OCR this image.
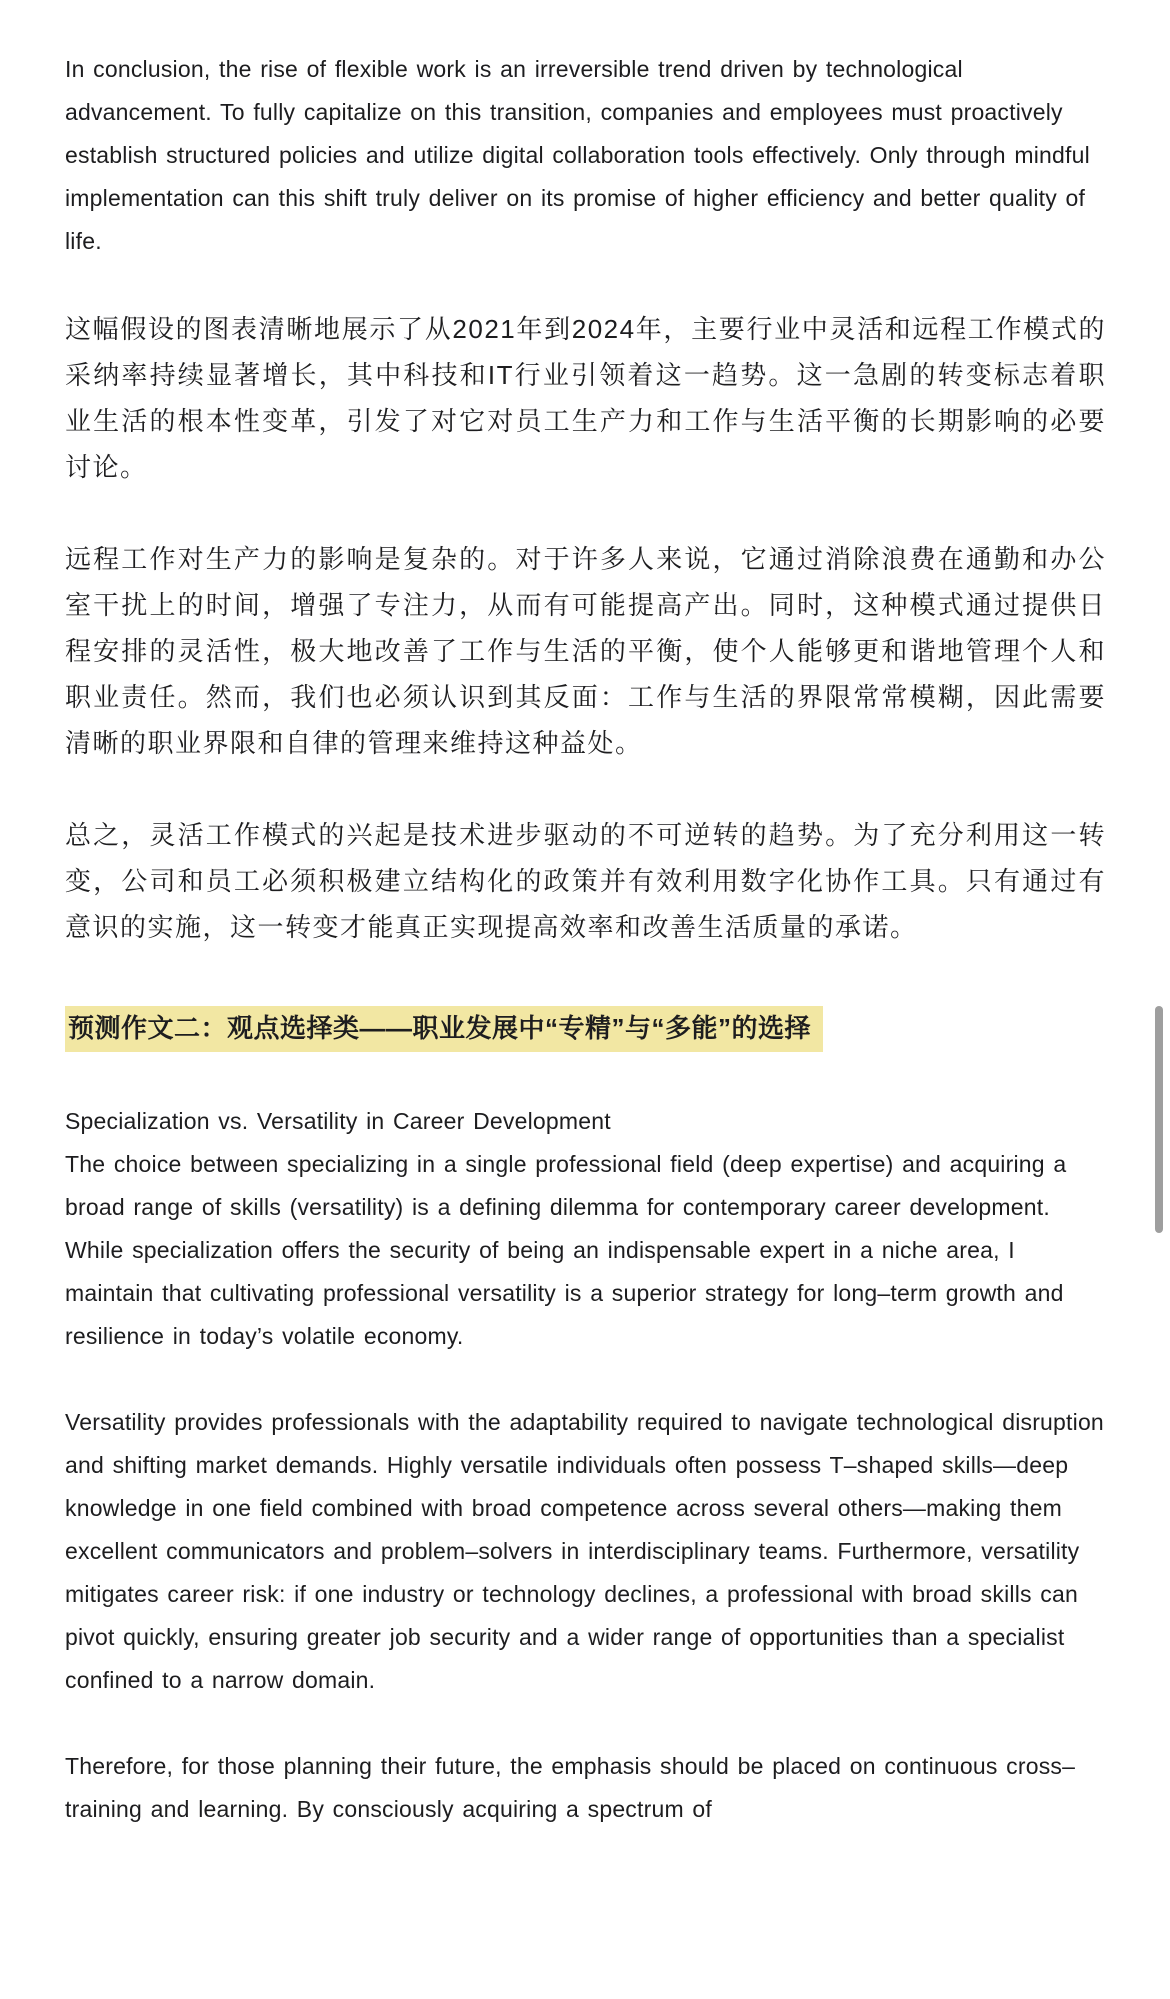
In conclusion, the rise of flexible work is an irreversible trend driven by technological advancement. To fully capitalize on this transition, companies and employees must proactively establish structured policies and utilize digital collaboration tools effectively. Only through mindful implementation can this shift truly deliver on its promise of higher efficiency and better quality of life.

这幅假设的图表清晰地展示了从2021年到2024年，主要行业中灵活和远程工作模式的采纳率持续显著增长，其中科技和IT行业引领着这一趋势。这一急剧的转变标志着职业生活的根本性变革，引发了对它对员工生产力和工作与生活平衡的长期影响的必要讨论。

远程工作对生产力的影响是复杂的。对于许多人来说，它通过消除浪费在通勤和办公室干扰上的时间，增强了专注力，从而有可能提高产出。同时，这种模式通过提供日程安排的灵活性，极大地改善了工作与生活的平衡，使个人能够更和谐地管理个人和职业责任。然而，我们也必须认识到其反面：工作与生活的界限常常模糊，因此需要清晰的职业界限和自律的管理来维持这种益处。

总之，灵活工作模式的兴起是技术进步驱动的不可逆转的趋势。为了充分利用这一转变，公司和员工必须积极建立结构化的政策并有效利用数字化协作工具。只有通过有意识的实施，这一转变才能真正实现提高效率和改善生活质量的承诺。

预测作文二：观点选择类——职业发展中“专精”与“多能”的选择

Specialization vs. Versatility in Career Development

The choice between specializing in a single professional field (deep expertise) and acquiring a broad range of skills (versatility) is a defining dilemma for contemporary career development. While specialization offers the security of being an indispensable expert in a niche area, I maintain that cultivating professional versatility is a superior strategy for long–term growth and resilience in today’s volatile economy.

Versatility provides professionals with the adaptability required to navigate technological disruption and shifting market demands. Highly versatile individuals often possess T–shaped skills—deep knowledge in one field combined with broad competence across several others—making them excellent communicators and problem–solvers in interdisciplinary teams. Furthermore, versatility mitigates career risk: if one industry or technology declines, a professional with broad skills can pivot quickly, ensuring greater job security and a wider range of opportunities than a specialist confined to a narrow domain.

Therefore, for those planning their future, the emphasis should be placed on continuous cross–training and learning. By consciously acquiring a spectrum of
